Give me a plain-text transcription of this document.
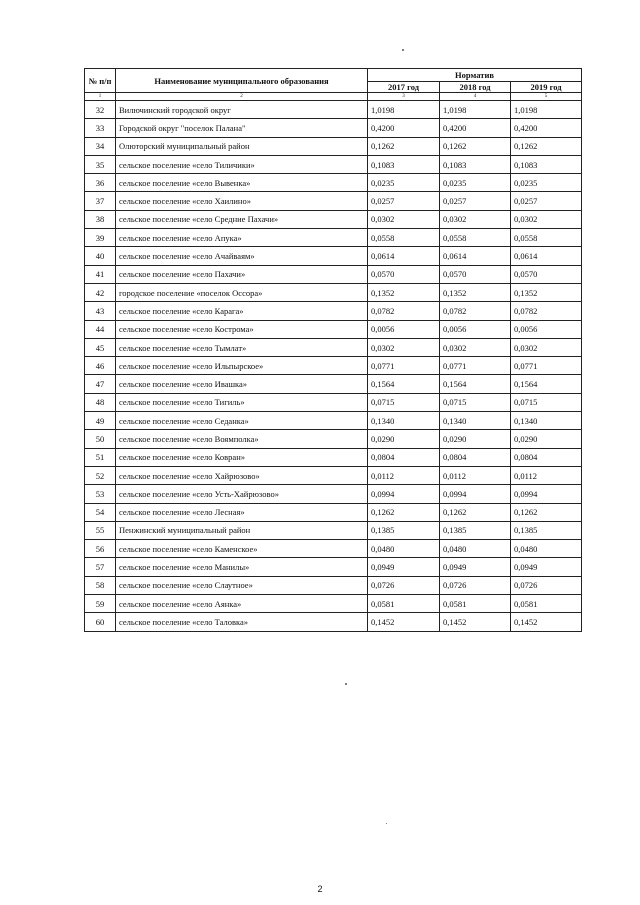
№ п/п	Наименование муниципального образования	Норматив		
		2017 год	2018 год	2019 год
1	2	3	4	5
32	Вилючинский городской округ	1,0198	1,0198	1,0198
33	Городской округ "поселок Палана"	0,4200	0,4200	0,4200
34	Олюторский муниципальный район	0,1262	0,1262	0,1262
35	сельское поселение «село Тиличики»	0,1083	0,1083	0,1083
36	сельское поселение «село Вывенка»	0,0235	0,0235	0,0235
37	сельское поселение «село Хаилино»	0,0257	0,0257	0,0257
38	сельское поселение «село Средние Пахачи»	0,0302	0,0302	0,0302
39	сельское поселение «село Апука»	0,0558	0,0558	0,0558
40	сельское поселение «село Ачайваям»	0,0614	0,0614	0,0614
41	сельское поселение «село Пахачи»	0,0570	0,0570	0,0570
42	городское поселение «поселок Оссора»	0,1352	0,1352	0,1352
43	сельское поселение «село Карага»	0,0782	0,0782	0,0782
44	сельское поселение «село Кострома»	0,0056	0,0056	0,0056
45	сельское поселение «село Тымлат»	0,0302	0,0302	0,0302
46	сельское поселение «село Ильпырское»	0,0771	0,0771	0,0771
47	сельское поселение «село Ивашка»	0,1564	0,1564	0,1564
48	сельское поселение «село Тигиль»	0,0715	0,0715	0,0715
49	сельское поселение «село Седанка»	0,1340	0,1340	0,1340
50	сельское поселение «село Воямполка»	0,0290	0,0290	0,0290
51	сельское поселение «село Ковран»	0,0804	0,0804	0,0804
52	сельское поселение «село Хайрюзово»	0,0112	0,0112	0,0112
53	сельское поселение «село Усть-Хайрюзово»	0,0994	0,0994	0,0994
54	сельское поселение «село Лесная»	0,1262	0,1262	0,1262
55	Пенжинский муниципальный район	0,1385	0,1385	0,1385
56	сельское поселение «село Каменское»	0,0480	0,0480	0,0480
57	сельское поселение «село Манилы»	0,0949	0,0949	0,0949
58	сельское поселение «село Слаутное»	0,0726	0,0726	0,0726
59	сельское поселение «село Аянка»	0,0581	0,0581	0,0581
60	сельское поселение «село Таловка»	0,1452	0,1452	0,1452
2
